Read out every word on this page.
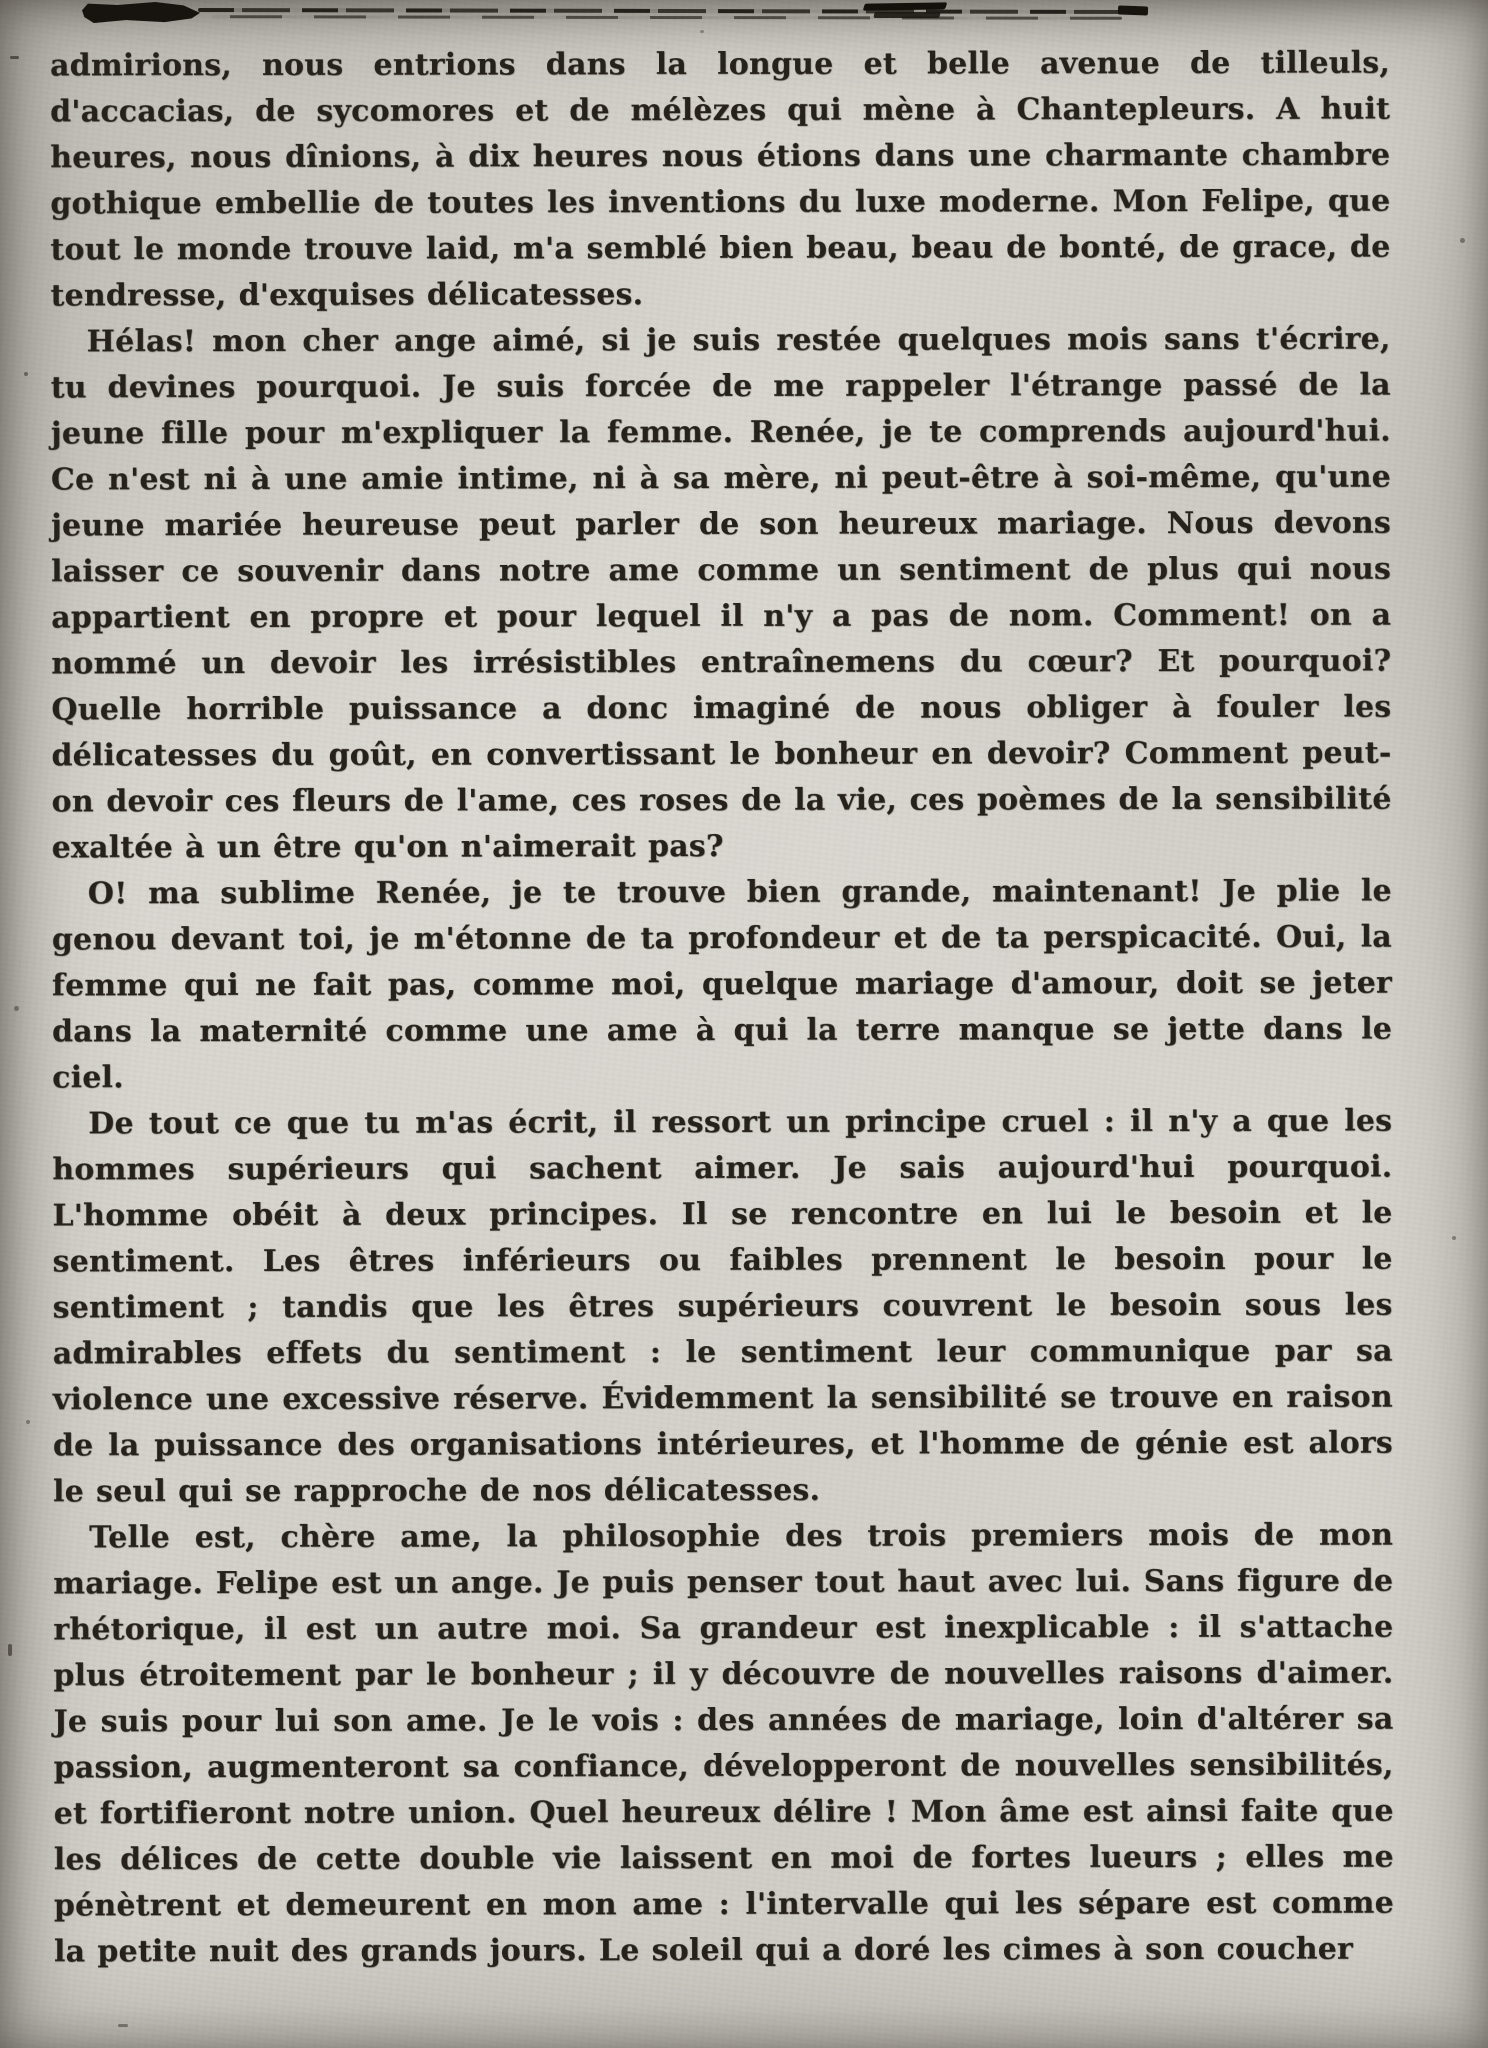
admirions, nous entrions dans la longue et belle avenue de tilleuls, d'accacias, de sycomores et de mélèzes qui mène à Chantepleurs. A huit heures, nous dînions, à dix heures nous étions dans une charmante chambre gothique embellie de toutes les inventions du luxe moderne. Mon Felipe, que tout le monde trouve laid, m'a semblé bien beau, beau de bonté, de grace, de tendresse, d'exquises délicatesses.

Hélas! mon cher ange aimé, si je suis restée quelques mois sans t'écrire, tu devines pourquoi. Je suis forcée de me rappeler l'étrange passé de la jeune fille pour m'expliquer la femme. Renée, je te comprends aujourd'hui. Ce n'est ni à une amie intime, ni à sa mère, ni peut-être à soi-même, qu'une jeune mariée heureuse peut parler de son heureux mariage. Nous devons laisser ce souvenir dans notre ame comme un sentiment de plus qui nous appartient en propre et pour lequel il n'y a pas de nom. Comment! on a nommé un devoir les irrésistibles entraînemens du cœur? Et pourquoi? Quelle horrible puissance a donc imaginé de nous obliger à fouler les délicatesses du goût, en convertissant le bonheur en devoir? Comment peut-on devoir ces fleurs de l'ame, ces roses de la vie, ces poèmes de la sensibilité exaltée à un être qu'on n'aimerait pas?

O! ma sublime Renée, je te trouve bien grande, maintenant! Je plie le genou devant toi, je m'étonne de ta profondeur et de ta perspicacité. Oui, la femme qui ne fait pas, comme moi, quelque mariage d'amour, doit se jeter dans la maternité comme une ame à qui la terre manque se jette dans le ciel.

De tout ce que tu m'as écrit, il ressort un principe cruel : il n'y a que les hommes supérieurs qui sachent aimer. Je sais aujourd'hui pourquoi. L'homme obéit à deux principes. Il se rencontre en lui le besoin et le sentiment. Les êtres inférieurs ou faibles prennent le besoin pour le sentiment ; tandis que les êtres supérieurs couvrent le besoin sous les admirables effets du sentiment : le sentiment leur communique par sa violence une excessive réserve. Évidemment la sensibilité se trouve en raison de la puissance des organisations intérieures, et l'homme de génie est alors le seul qui se rapproche de nos délicatesses.

Telle est, chère ame, la philosophie des trois premiers mois de mon mariage. Felipe est un ange. Je puis penser tout haut avec lui. Sans figure de rhétorique, il est un autre moi. Sa grandeur est inexplicable : il s'attache plus étroitement par le bonheur ; il y découvre de nouvelles raisons d'aimer. Je suis pour lui son ame. Je le vois : des années de mariage, loin d'altérer sa passion, augmenteront sa confiance, développeront de nouvelles sensibilités, et fortifieront notre union. Quel heureux délire ! Mon âme est ainsi faite que les délices de cette double vie laissent en moi de fortes lueurs ; elles me pénètrent et demeurent en mon ame : l'intervalle qui les sépare est comme la petite nuit des grands jours. Le soleil qui a doré les cimes à son coucher
